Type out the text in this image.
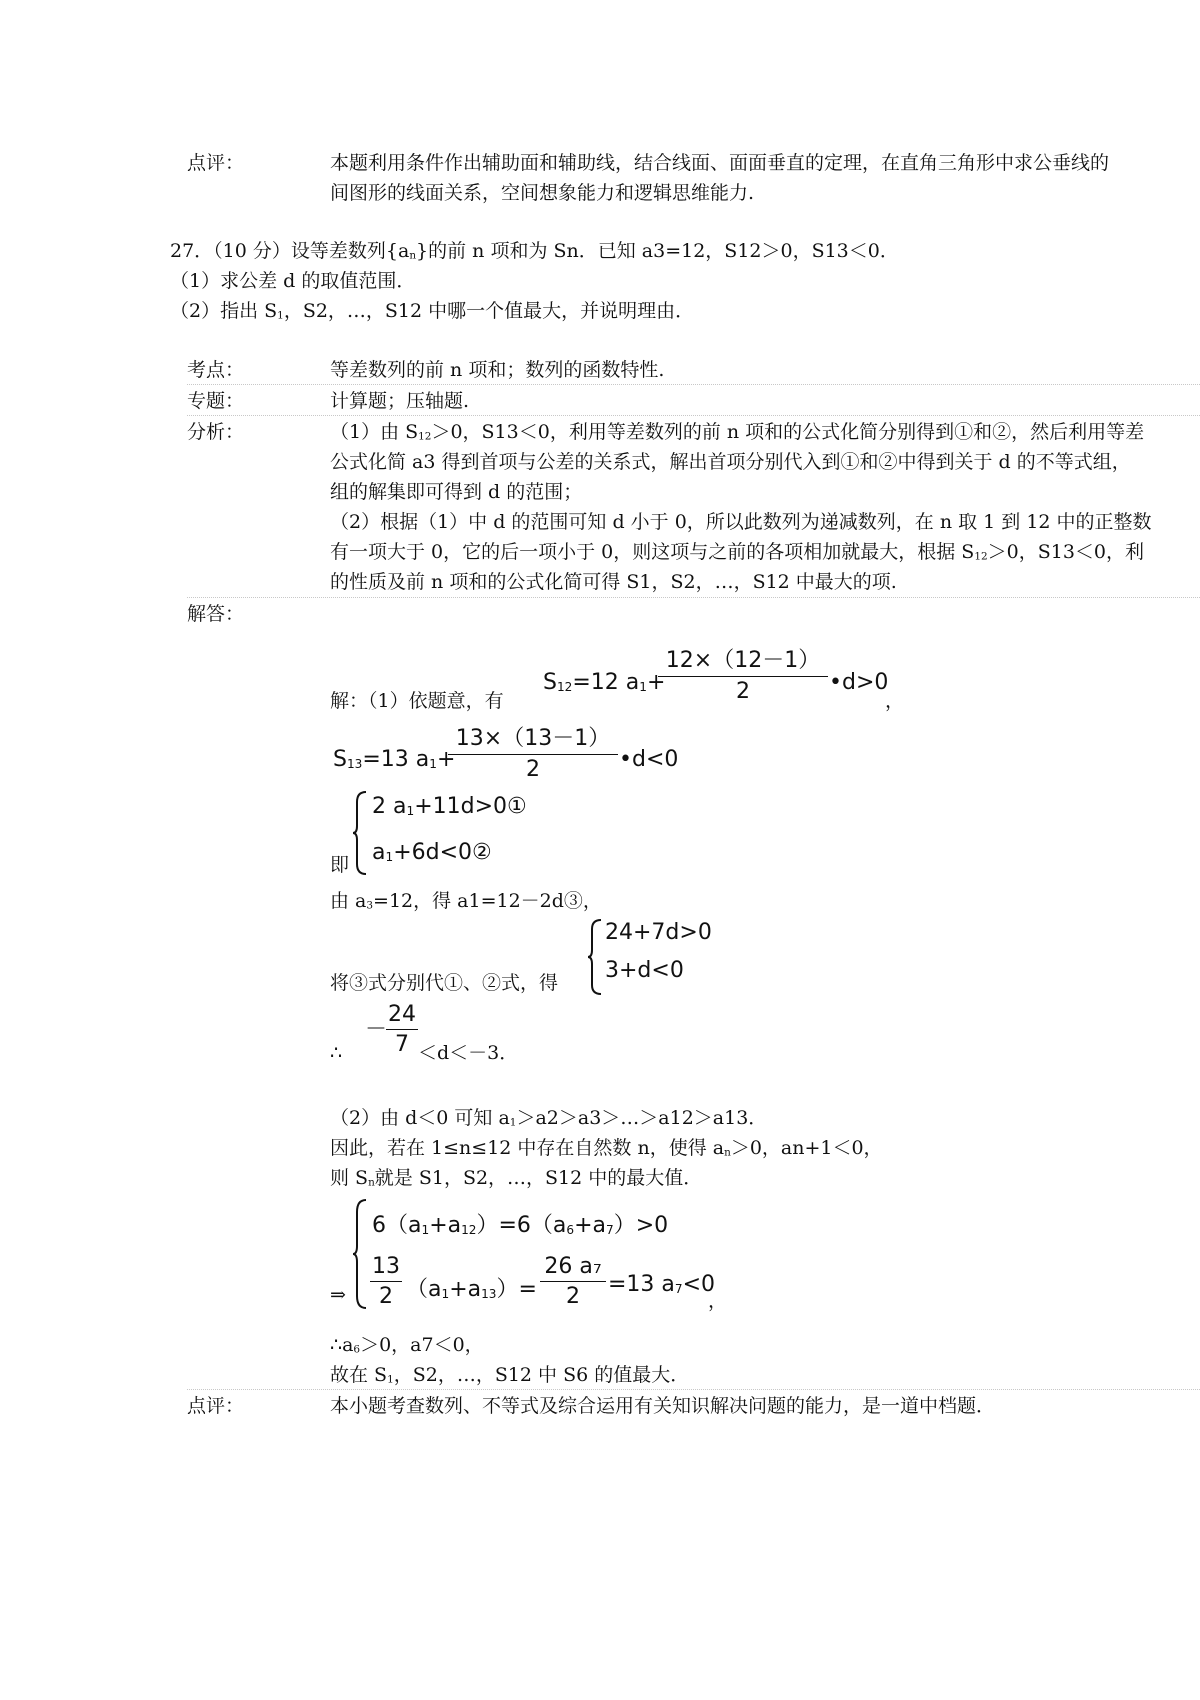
点评：	本题利用条件作出辅助面和辅助线，结合线面、面面垂直的定理，在直角三角形中求公垂线的
间图形的线面关系，空间想象能力和逻辑思维能力.
27．（10 分）设等差数列$\{a_n\}$的前 n 项和为 Sn．已知 a3=12，S12＞0，S13＜0．
（1）求公差 d 的取值范围．
（2）指出 $S_1$，S2，…，S12 中哪一个值最大，并说明理由．
考点：	等差数列的前 n 项和；数列的函数特性.
专题：	计算题；压轴题.
分析：	（1）由 $S_{12}>0$，S13＜0，利用等差数列的前 n 项和的公式化简分别得到①和②，然后利用等差
公式化简 a3 得到首项与公差的关系式，解出首项分别代入到①和②中得到关于 d 的不等式组，
组的解集即可得到 d 的范围；
（2）根据（1）中 d 的范围可知 d 小于 0，所以此数列为递减数列，在 n 取 1 到 12 中的正整数
有一项大于 0，它的后一项小于 0，则这项与之前的各项相加就最大，根据 $S_{12}>0$，S13＜0，利
的性质及前 n 项和的公式化简可得 S1，S2，…，S12 中最大的项.
解答：
解：（1）依题意，有
$S_{12}=12$ $a_1+$
12×（12－1）
2	•d>0
，
$S_{13}=13$ $a_1+$
13×（13－1）
2	•d<0
即
2 $a_1+11d>0①$
$a_1+6d<0②$
由 $a_3=12$，得 a1=12－2d③，
将③式分别代①、②式，得
24+7d>0
3+d<0
∴
－
24
7 ＜d＜－3．
（2）由 d＜0 可知 $a_1>a2>a3>\dots>a12>a13$．
因此，若在 1≤n≤12 中存在自然数 n，使得 $a_n>0$，an+1＜0，
则 $S_n$就是 S1，S2，…，S12 中的最大值．
⇒
$6(a_1+a_{12})=6(a_6+a_7)>0$
13
2 $(a_1+a_{13})=$
26 a₇
2	=13 $a_7<0$
，
$\therefore a_6>0$，a7＜0，
故在 $S_1$，S2，…，S12 中 S6 的值最大．
点评：	本小题考查数列、不等式及综合运用有关知识解决问题的能力，是一道中档题．
